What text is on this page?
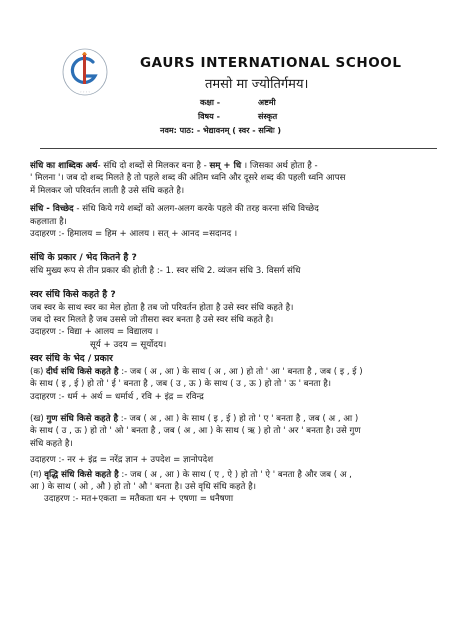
◦ ◦ ◦ ◦
GAURS INTERNATIONAL SCHOOL
तमसो मा ज्योतिर्गमय।
कक्षा -	अष्टमी
विषय -	संस्कृत
नवम: पाठ: - भेद्यावनम् ( स्वर - सन्धिः )
संधि का शाब्दिक अर्थ- संधि दो शब्दों से मिलकर बना है - सम् + धि । जिसका अर्थ होता है -
' मिलना '। जब दो शब्द मिलते है तो पहले शब्द की अंतिम ध्वनि और दूसरे शब्द की पहली ध्वनि आपस
में मिलकर जो परिवर्तन लाती है उसे संधि कहते है।
संधि - विच्छेद - संधि किये गये शब्दों को अलग-अलग करके पहले की तरह करना संधि विच्छेद
कहलाता है।
उदाहरण :- हिमालय = हिम + आलय । सत् + आनद =सदानद ।
संधि के प्रकार / भेद कितने है ?
संधि मुख्य रूप से तीन प्रकार की होती है :- 1. स्वर संधि 2. व्यंजन संधि 3. विसर्ग संधि
स्वर संधि किसे कहते है ?
जब स्वर के साथ स्वर का मेल होता है तब जो परिवर्तन होता है उसे स्वर संधि कहते है।
जब दो स्वर मिलते है जब उससे जो तीसरा स्वर बनता है उसे स्वर संधि कहते है।
उदाहरण :- विद्या + आलय = विद्यालय ।
सूर्य + उदय = सूर्योदय।
स्वर संधि के भेद / प्रकार
(क) दीर्घ संधि किसे कहते है :- जब ( अ , आ ) के साथ ( अ , आ ) हो तो ' आ ' बनता है , जब ( इ , ई )
के साथ ( इ , ई ) हो तो ' ई ' बनता है , जब ( उ , ऊ ) के साथ ( उ , ऊ ) हो तो ' ऊ ' बनता है।
उदाहरण :- धर्म + अर्थ = धर्मार्थ , रवि + इंद्र = रविन्द्र
(ख) गुण संधि किसे कहते है :- जब ( अ , आ ) के साथ ( इ , ई ) हो तो ' ए ' बनता है , जब ( अ , आ )
के साथ ( उ , ऊ ) हो तो ' ओ ' बनता है , जब ( अ , आ ) के साथ ( ऋ ) हो तो ' अर ' बनता है। उसे गुण
संधि कहते है।
उदाहरण :- नर + इंद्र = नरेंद्र ज्ञान + उपदेश = ज्ञानोपदेश
(ग) वृद्धि संधि किसे कहते है :- जब ( अ , आ ) के साथ ( ए , ऐ ) हो तो ' ऐ ' बनता है और जब ( अ ,
आ ) के साथ ( ओ , औ ) हो तो ' औ ' बनता है। उसे वृधि संधि कहते है।
उदाहरण :- मत+एकता = मतैकता धन + एषणा = धनैषणा
